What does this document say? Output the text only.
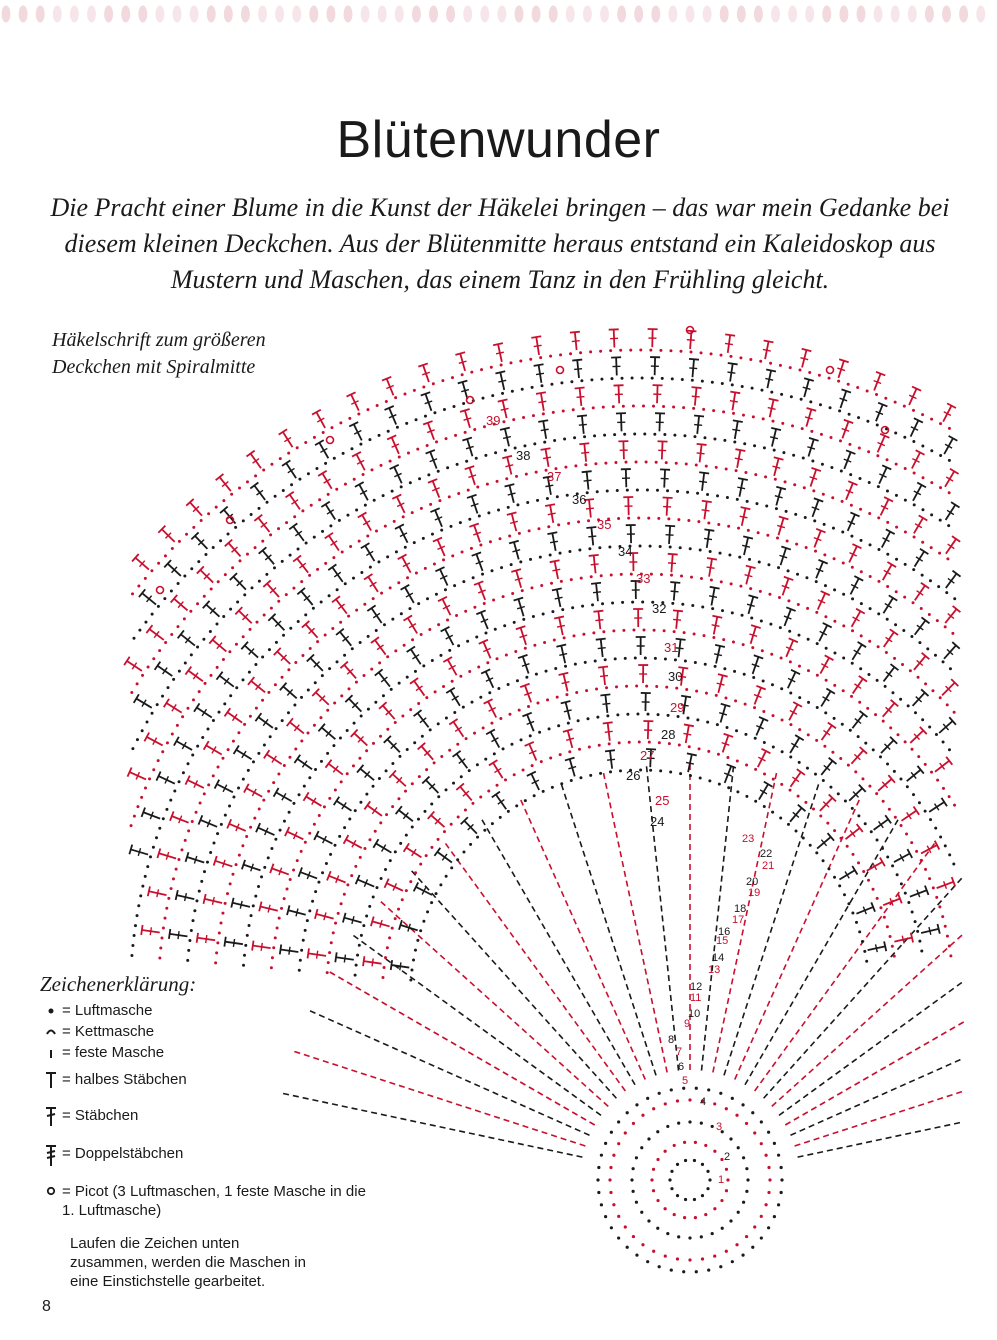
Blütenwunder
Die Pracht einer Blume in die Kunst der Häkelei bringen – das war mein Gedanke bei diesem kleinen Deckchen. Aus der Blütenmitte heraus entstand ein Kaleidoskop aus Mustern und Maschen, das einem Tanz in den Frühling gleicht.
Häkelschrift zum größeren Deckchen mit Spiralmitte
1
2
3
4
5
6
7
8
9
10
11
12
13
14
15
16
17
18
19
20
21
22
23
24
25
26
27
28
29
30
31
32
33
34
35
36
37
38
39
Zeichenerklärung:
= Luftmasche
= Kettmasche
= feste Masche
= halbes Stäbchen
= Stäbchen
= Doppelstäbchen
= Picot (3 Luftmaschen, 1 feste Masche in die 1. Luftmasche)
Laufen die Zeichen unten zusammen, werden die Maschen in eine Einstichstelle gearbeitet.
8
